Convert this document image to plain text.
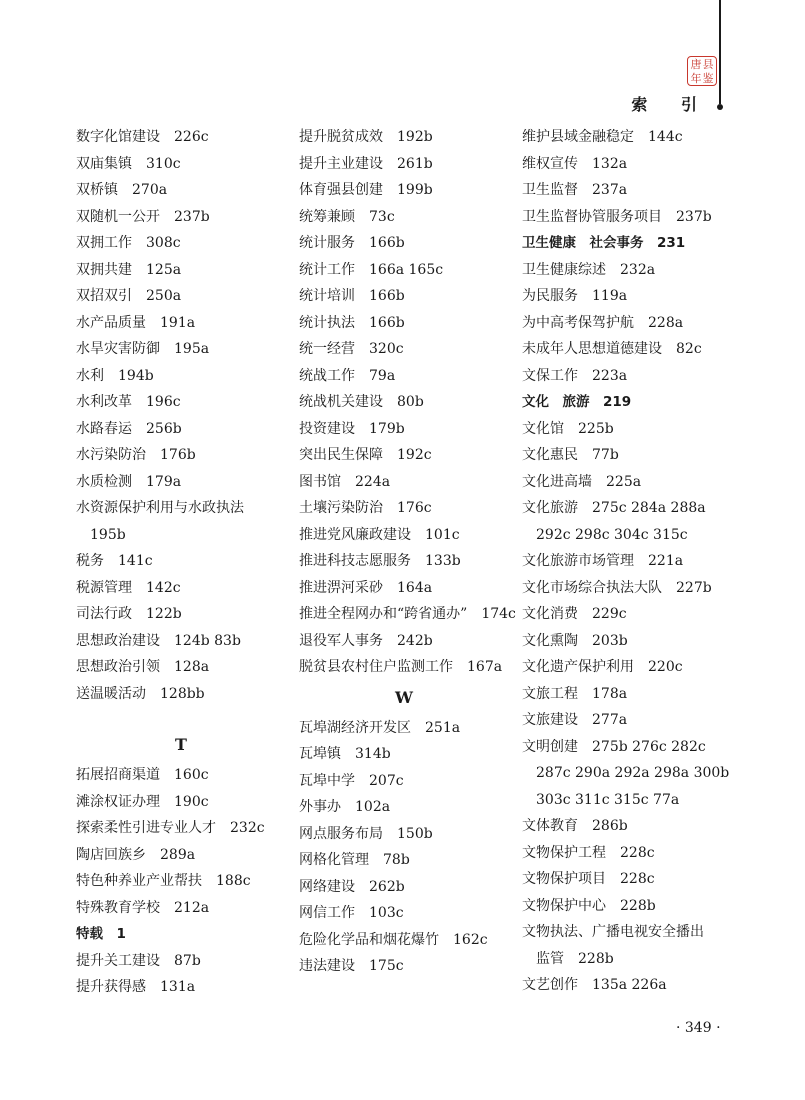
唐 县
年 鉴
索 引
数字化馆建设　226c
双庙集镇　310c
双桥镇　270a
双随机一公开　237b
双拥工作　308c
双拥共建　125a
双招双引　250a
水产品质量　191a
水旱灾害防御　195a
水利　194b
水利改革　196c
水路春运　256b
水污染防治　176b
水质检测　179a
水资源保护利用与水政执法
195b
税务　141c
税源管理　142c
司法行政　122b
思想政治建设　124b 83b
思想政治引领　128a
送温暖活动　128bb
T
拓展招商渠道　160c
滩涂权证办理　190c
探索柔性引进专业人才　232c
陶店回族乡　289a
特色种养业产业帮扶　188c
特殊教育学校　212a
特载　1
提升关工建设　87b
提升获得感　131a
提升脱贫成效　192b
提升主业建设　261b
体育强县创建　199b
统筹兼顾　73c
统计服务　166b
统计工作　166a 165c
统计培训　166b
统计执法　166b
统一经营　320c
统战工作　79a
统战机关建设　80b
投资建设　179b
突出民生保障　192c
图书馆　224a
土壤污染防治　176c
推进党风廉政建设　101c
推进科技志愿服务　133b
推进淠河采砂　164a
推进全程网办和“跨省通办”　174c
退役军人事务　242b
脱贫县农村住户监测工作　167a
W
瓦埠湖经济开发区　251a
瓦埠镇　314b
瓦埠中学　207c
外事办　102a
网点服务布局　150b
网格化管理　78b
网络建设　262b
网信工作　103c
危险化学品和烟花爆竹　162c
违法建设　175c
维护县域金融稳定　144c
维权宣传　132a
卫生监督　237a
卫生监督协管服务项目　237b
卫生健康　社会事务　231
卫生健康综述　232a
为民服务　119a
为中高考保驾护航　228a
未成年人思想道德建设　82c
文保工作　223a
文化　旅游　219
文化馆　225b
文化惠民　77b
文化进高墙　225a
文化旅游　275c 284a 288a
292c 298c 304c 315c
文化旅游市场管理　221a
文化市场综合执法大队　227b
文化消费　229c
文化熏陶　203b
文化遗产保护利用　220c
文旅工程　178a
文旅建设　277a
文明创建　275b 276c 282c
287c 290a 292a 298a 300b
303c 311c 315c 77a
文体教育　286b
文物保护工程　228c
文物保护项目　228c
文物保护中心　228b
文物执法、广播电视安全播出
监管　228b
文艺创作　135a 226a
· 349 ·
